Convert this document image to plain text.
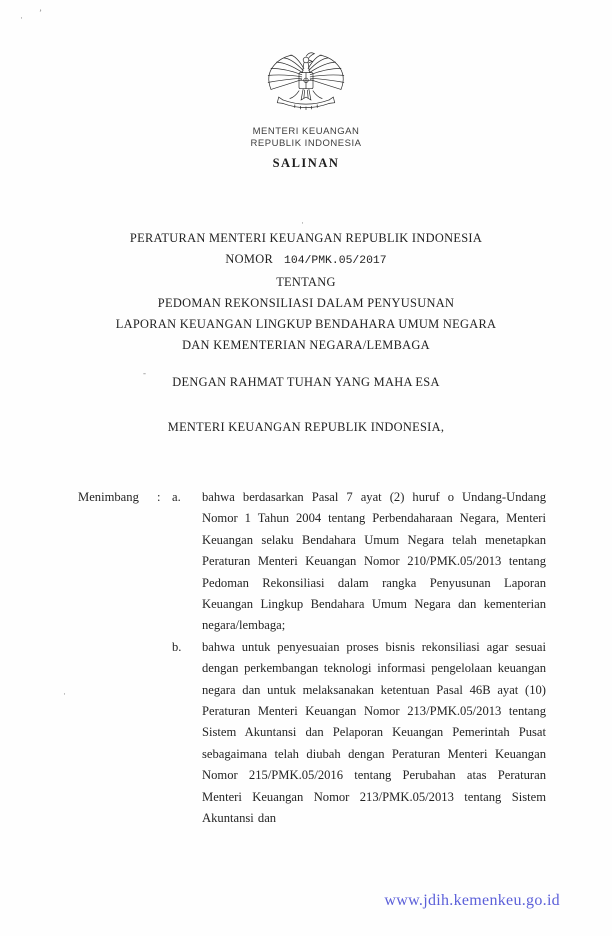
· ’
·
-
·
MENTERI KEUANGAN
REPUBLIK INDONESIA
SALINAN
PERATURAN MENTERI KEUANGAN REPUBLIK INDONESIA
NOMOR 104/PMK.05/2017
TENTANG
PEDOMAN REKONSILIASI DALAM PENYUSUNAN
LAPORAN KEUANGAN LINGKUP BENDAHARA UMUM NEGARA
DAN KEMENTERIAN NEGARA/LEMBAGA
DENGAN RAHMAT TUHAN YANG MAHA ESA
MENTERI KEUANGAN REPUBLIK INDONESIA,
Menimbang	: a.	bahwa berdasarkan Pasal 7 ayat (2) huruf o Undang-Undang Nomor 1 Tahun 2004 tentang Perbendaharaan Negara, Menteri Keuangan selaku Bendahara Umum Negara telah menetapkan Peraturan Menteri Keuangan Nomor 210/PMK.05/2013 tentang Pedoman Rekonsiliasi dalam rangka Penyusunan Laporan Keuangan Lingkup Bendahara Umum Negara dan kementerian negara/lembaga;
b.	bahwa untuk penyesuaian proses bisnis rekonsiliasi agar sesuai dengan perkembangan teknologi informasi pengelolaan keuangan negara dan untuk melaksanakan ketentuan Pasal 46B ayat (10) Peraturan Menteri Keuangan Nomor 213/PMK.05/2013 tentang Sistem Akuntansi dan Pelaporan Keuangan Pemerintah Pusat sebagaimana telah diubah dengan Peraturan Menteri Keuangan Nomor 215/PMK.05/2016 tentang Perubahan atas Peraturan Menteri Keuangan Nomor 213/PMK.05/2013 tentang Sistem Akuntansi dan
www.jdih.kemenkeu.go.id
